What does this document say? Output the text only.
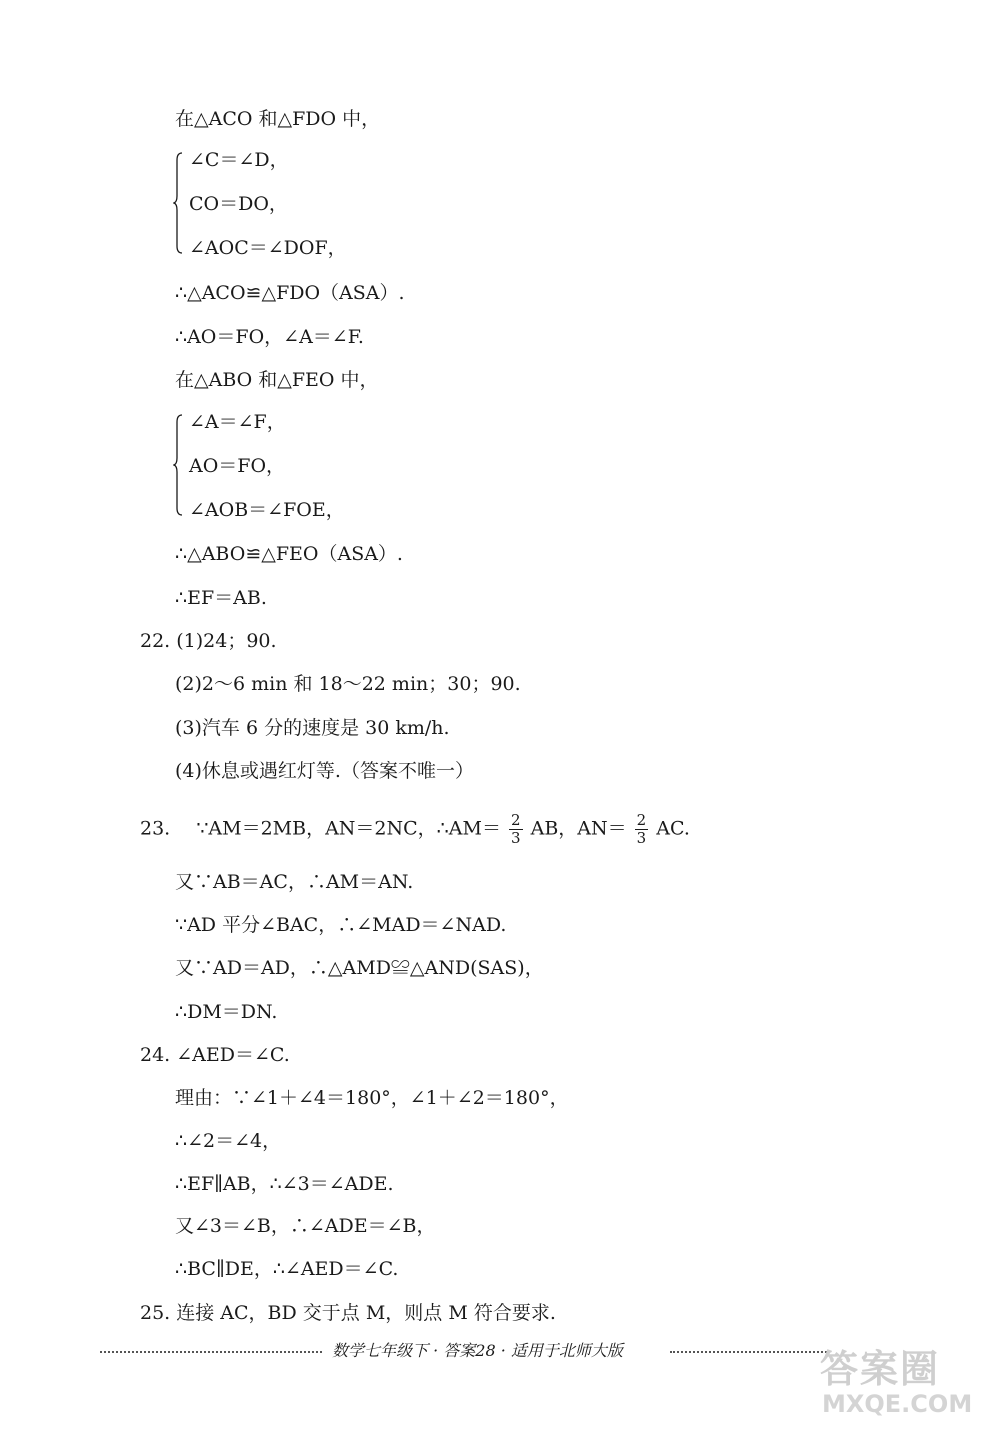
在△ACO 和△FDO 中，
∠C＝∠D，
CO＝DO，
∠AOC＝∠DOF，
∴△ACO≌△FDO（ASA）.
∴AO＝FO，∠A＝∠F.
在△ABO 和△FEO 中，
∠A＝∠F，
AO＝FO，
∠AOB＝∠FOE，
∴△ABO≌△FEO（ASA）.
∴EF＝AB.
22. (1)24；90.
(2)2～6 min 和 18～22 min；30；90.
(3)汽车 6 分的速度是 30 km/h.
(4)休息或遇红灯等.（答案不唯一）
23. ∵AM＝2MB，AN＝2NC，∴AM＝ $\frac{2}{3}$ AB，$AN= \frac{2}{3}$ AC.
又∵AB＝AC，∴AM＝AN.
∵AD 平分∠BAC，∴∠MAD＝∠NAD.
又∵AD＝AD，∴△AMD≌△AND(SAS)，
∴DM＝DN.
24. ∠AED＝∠C.
理由：∵∠1＋∠4＝180°，∠1＋∠2＝180°，
∴∠2＝∠4，
∴EF∥AB，∴∠3＝∠ADE.
又∠3＝∠B，∴∠ADE＝∠B，
∴BC∥DE，∴∠AED＝∠C.
25. 连接 AC，BD 交于点 M，则点 M 符合要求.
数学七年级下 · 答案28 · 适用于北师大版	答案圈
MXQE.COM
